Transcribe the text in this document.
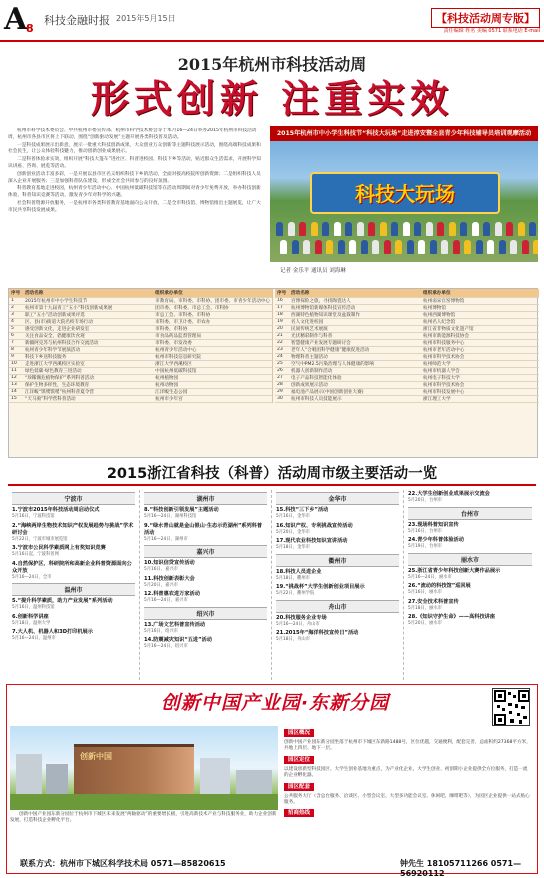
A
8
科技金融时报 2015年5月15日	【科技活动周专版】
责任编辑 姓名 美编 0571 联系电话 E-mail
2015年杭州市科技活动周
形式创新 注重实效

杭州市科学技术委员会、中共杭州市委宣传部、杭州市科学技术协会等于本月16—24日举办2015年杭州市科技活动周，杭州市各县市区将上下联动，围绕“创新驱动发展”主题开展各类科技普及活动。

一是科技成果展示出新意，展示一批重大科技创新成果，大众创业万众创新等主题科技展示活动，围绕高端科技成果和社会民生，让公众体验科技魅力，推动创新创业成果展示。

二是科普体验求实效，组织开展“科技大篷车”进社区、科普进校园、科技下乡等活动，贴近群众生活需求，开展科学知识讲座、咨询、展览等活动。

创新创业活动丰富多彩，一是开展以县市区名义组织科技下乡的活动，全面对接高校院所创新资源；二是组织科技人员深入企业开展服务；三是加强科普队伍建设，形成全社会共同参与的良好氛围。

科普教育基地走进校园，杭州青少年活动中心、中国杭州低碳科技馆等在活动周期间对青少年免费开放，举办科技创新体验、科普知识竞赛等活动，激发青少年对科学的兴趣。

社会科普资源开放服务，一是杭州市各类科普教育基地面向公众开放，二是全市科技馆、博物馆推出主题展览，让广大市民共享科技发展成果。

2015年杭州市中小学生科技节“科技大玩场”走进淳安暨全县青少年科技辅导员培训观摩活动
科技大玩场
记者 金乐平 通讯员 刘海琳
序号	活动名称	组织承办单位
1	2015年杭州市中小学生科技节	市教育局、市科委、市科协、团市委、市青少年活动中心
2	杭州市第十九届青工“五小”科技创新成果展	团市委、市科委、市总工会、市科协
3	职工“五小”活动创新成果评选	市总工会、市科委、市科协
4	区、县(市)街道大院名校专场行动	市科委、市卫计委、市农办
5	感受创新文化，走进企业研发室	市科委、市科协
6	关注食品安全，倡健康饮食观	市食品药品监督管理局
7	新疆阿克苏与杭州科技合作交流活动	市科委、市发改委
8	杭州青少年科学节展演活动	杭州青少年活动中心
9	科技下乡送科技服务	杭州市科技信息研究院
10	走进浙江大学西溪校区实验室	浙江大学西溪校区
11	绿色低碳·绿色教育三进活动	中国杭州低碳科技馆
12	“珍稀濒危植物保护”系列科普活动	杭州植物园
13	保护生物多样性，生态环境教育	杭州动物园
14	江洋畈“馍噗馍噗”杭州科普夏令营	江洋畈生态公园
15	“天马驹”科学营科普活动	杭州市少年宫
序号	活动名称	组织承办单位
16	宫博探险之旅，寻找陶瓷达人	杭州南宋官窑博物馆
17	杭州博物馆新媒体科技宣传活动	杭州博物馆
18	西湖特色植物知识课堂及盆栽制作	杭州西湖博物馆
19	名人文化进校园	杭州名人纪念馆
20	民间传统艺术展演	浙江省非物质文化遗产馆
21	光伏精彩制作与科普	杭州市新能源科技协会
22	智慧健康产业发展专题研讨会	杭州市科技服务中心
23	老年人“合唱团科学健康”健康促进活动	杭州市老年活动中心
24	物理科普主题活动	杭州市科学技术协会
25	空气中PM2.5污染治理与人体健康的影响	杭州师范大学
26	机器人创新制作活动	杭州市机器人学会
27	电子产品科技智能化体验	杭州电子科技大学
28	创新成果展示活动	杭州市科学技术协会
29	福电池产品展示(中国创新创业大赛)	杭州市科技发展中心
30	杭州市科技人员技能展示	浙江理工大学
2015浙江省科技（科普）活动周市级主要活动一览
宁波市
1.宁波市2015年科技活动周启动仪式
5月16日，宁波科技馆
2.“海峡两岸生物技术知识产权发展趋势与挑战”学术研讨会
5月22日，宁波市城市展览馆
3.宁波市公民科学素质网上有奖知识竞赛
5月16日起，宁波科普网
4.自然保护区、科研院所和高新企业科普资源面向公众开放
5月16—24日，全市
温州市
5.“提升科学素质，助力产业发展”系列活动
5月16日，温州科技馆
6.创新科学讲座
5月18日，温州大学
7.大人机、机器人和3D打印机展示
5月16—24日，温州市
湖州市
8.“科技创新引领发展”主题活动
5月16—24日，湖州科技馆
9.“绿水青山就是金山银山·生态示范湖州”系列科普活动
5月16—24日，湖州市
嘉兴市
10.知识信贷宣传活动
5月16日，嘉兴市
11.科技创新表彰大会
5月20日，嘉兴市
12.科普惠农进万家活动
5月16—24日，嘉兴市
绍兴市
13.广场文艺科普宣传活动
5月16日，绍兴市
14.防震减灾知识“五进”活动
5月16—24日，绍兴市
金华市
15.科技“三下乡”活动
5月16日，金华市
16.知识产权、专利挑战宣传活动
5月20日，金华市
17.现代农业科技知识宣讲活动
5月18日，金华市
衢州市
18.科技人员进企业
5月18日，衢州市
19.“挑战杯”大学生创新创业项目展示
5月22日，衢州学院
舟山市
20.科技服务企业专场
5月16—24日，舟山市
21.2015年“海洋科技宣传日”活动
5月18日，舟山市
22.大学生创新创业成果展示交流会
5月20日，台州市
台州市
23.现场科普知识宣传
5月16日，台州市
24.青少年科普体验活动
5月19日，台州市
丽水市
25.浙江省青少年科技创新大赛作品展示
5月16—24日，丽水市
26.“流动的科技馆”巡回展
5月16日，丽水市
27.安全技术科普宣传
5月18日，丽水市
28.《知识守护生命》——高科技讲座
5月20日，丽水市
创新中国产业园·东新分园
创新中国
创新中国产业园东新分园位于杭州市下城区未来发展“两轴驱动”的重要增长极，引进高新技术产业与科技服务业，助力企业创新发展，打造科技企业孵化平台。
联系方式：杭州市下城区科学技术局 0571—85820615
园区概况
创新中国产业园东新分园坐落于杭州市下城区东新路1488号，区位优越，交通便利，配套完善，总面积约27368平方米，共地上四层、地下一层。
园区定位
以建设创新型科技园区、大学生创业基地为重点，为产业化企业、大学生创业、初创期小企业提供全方位服务，打造一流的企业孵化器。
园区配套
公共服务大厅（含总台服务、洽谈区、小型会议室、大型多功能会议室、休闲吧、咖啡吧等），为园区企业提供一站式贴心服务。
招商热线
钟先生 18105711266 0571—56920112
